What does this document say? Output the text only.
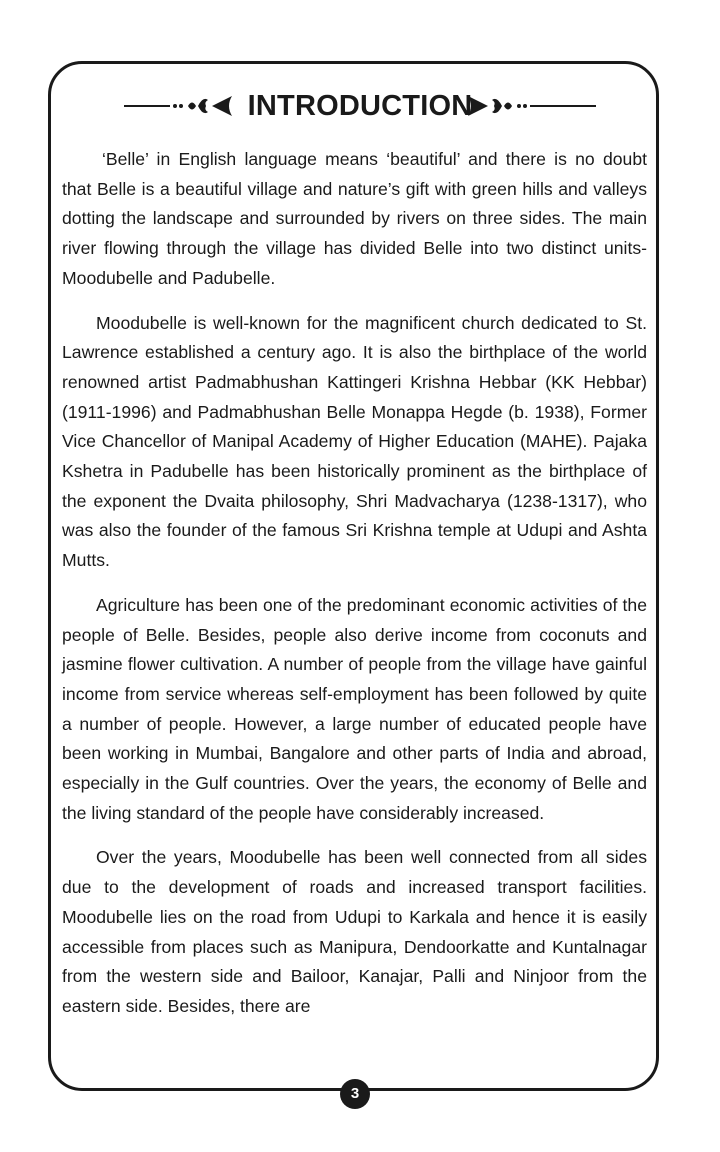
INTRODUCTION

‘Belle’ in English language means ‘beautiful’ and there is no doubt that Belle is a beautiful village and nature’s gift with green hills and valleys dotting the landscape and surrounded by rivers on three sides. The main river flowing through the village has divided Belle into two distinct units-Moodubelle and Padubelle.

Moodubelle is well-known for the magnificent church dedicated to St. Lawrence established a century ago. It is also the birthplace of the world renowned artist Padmabhushan Kattingeri Krishna Hebbar (KK Hebbar) (1911-1996) and Padmabhushan Belle Monappa Hegde (b. 1938), Former Vice Chancellor of Manipal Academy of Higher Education (MAHE). Pajaka Kshetra in Padubelle has been historically prominent as the birthplace of the exponent the Dvaita philosophy, Shri Madvacharya (1238-1317), who was also the founder of the famous Sri Krishna temple at Udupi and Ashta Mutts.

Agriculture has been one of the predominant economic activities of the people of Belle. Besides, people also derive income from coconuts and jasmine flower cultivation. A number of people from the village have gainful income from service whereas self-employment has been followed by quite a number of people. However, a large number of educated people have been working in Mumbai, Bangalore and other parts of India and abroad, especially in the Gulf countries. Over the years, the economy of Belle and the living standard of the people have considerably increased.

Over the years, Moodubelle has been well connected from all sides due to the development of roads and increased transport facilities. Moodubelle lies on the road from Udupi to Karkala and hence it is easily accessible from places such as Manipura, Dendoorkatte and Kuntalnagar from the western side and Bailoor, Kanajar, Palli and Ninjoor from the eastern side. Besides, there are

3
